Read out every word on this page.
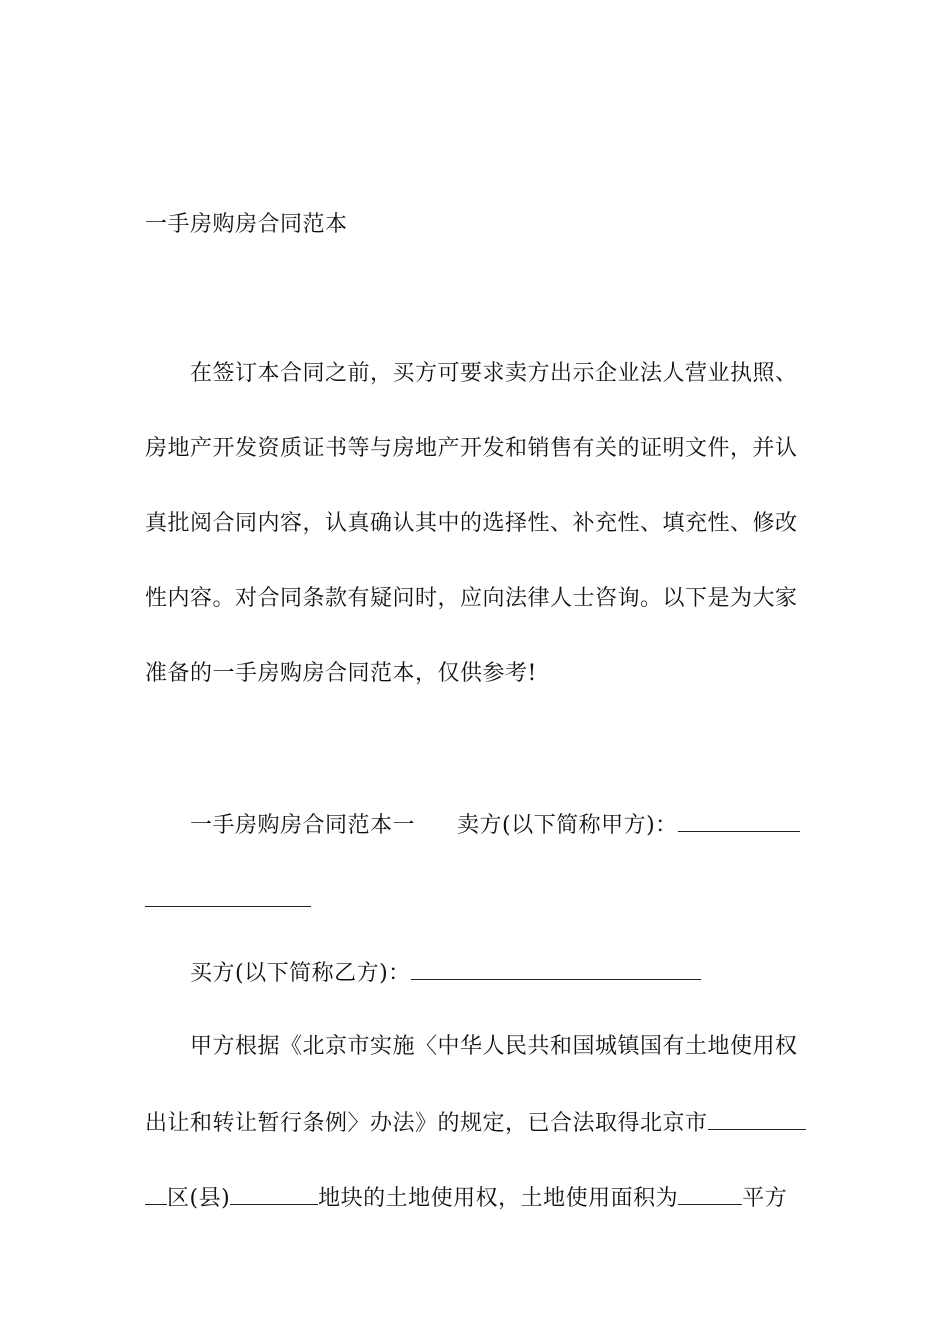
一手房购房合同范本
在签订本合同之前，买方可要求卖方出示企业法人营业执照、
房地产开发资质证书等与房地产开发和销售有关的证明文件，并认
真批阅合同内容，认真确认其中的选择性、补充性、填充性、修改
性内容。对合同条款有疑问时，应向法律人士咨询。以下是为大家
准备的一手房购房合同范本，仅供参考!
一手房购房合同范本一 卖方(以下简称甲方)：
买方(以下简称乙方)：
甲方根据《北京市实施〈中华人民共和国城镇国有土地使用权
出让和转让暂行条例〉办法》的规定，已合法取得北京市
区(县)	地块的土地使用权，土地使用面积为	平方
